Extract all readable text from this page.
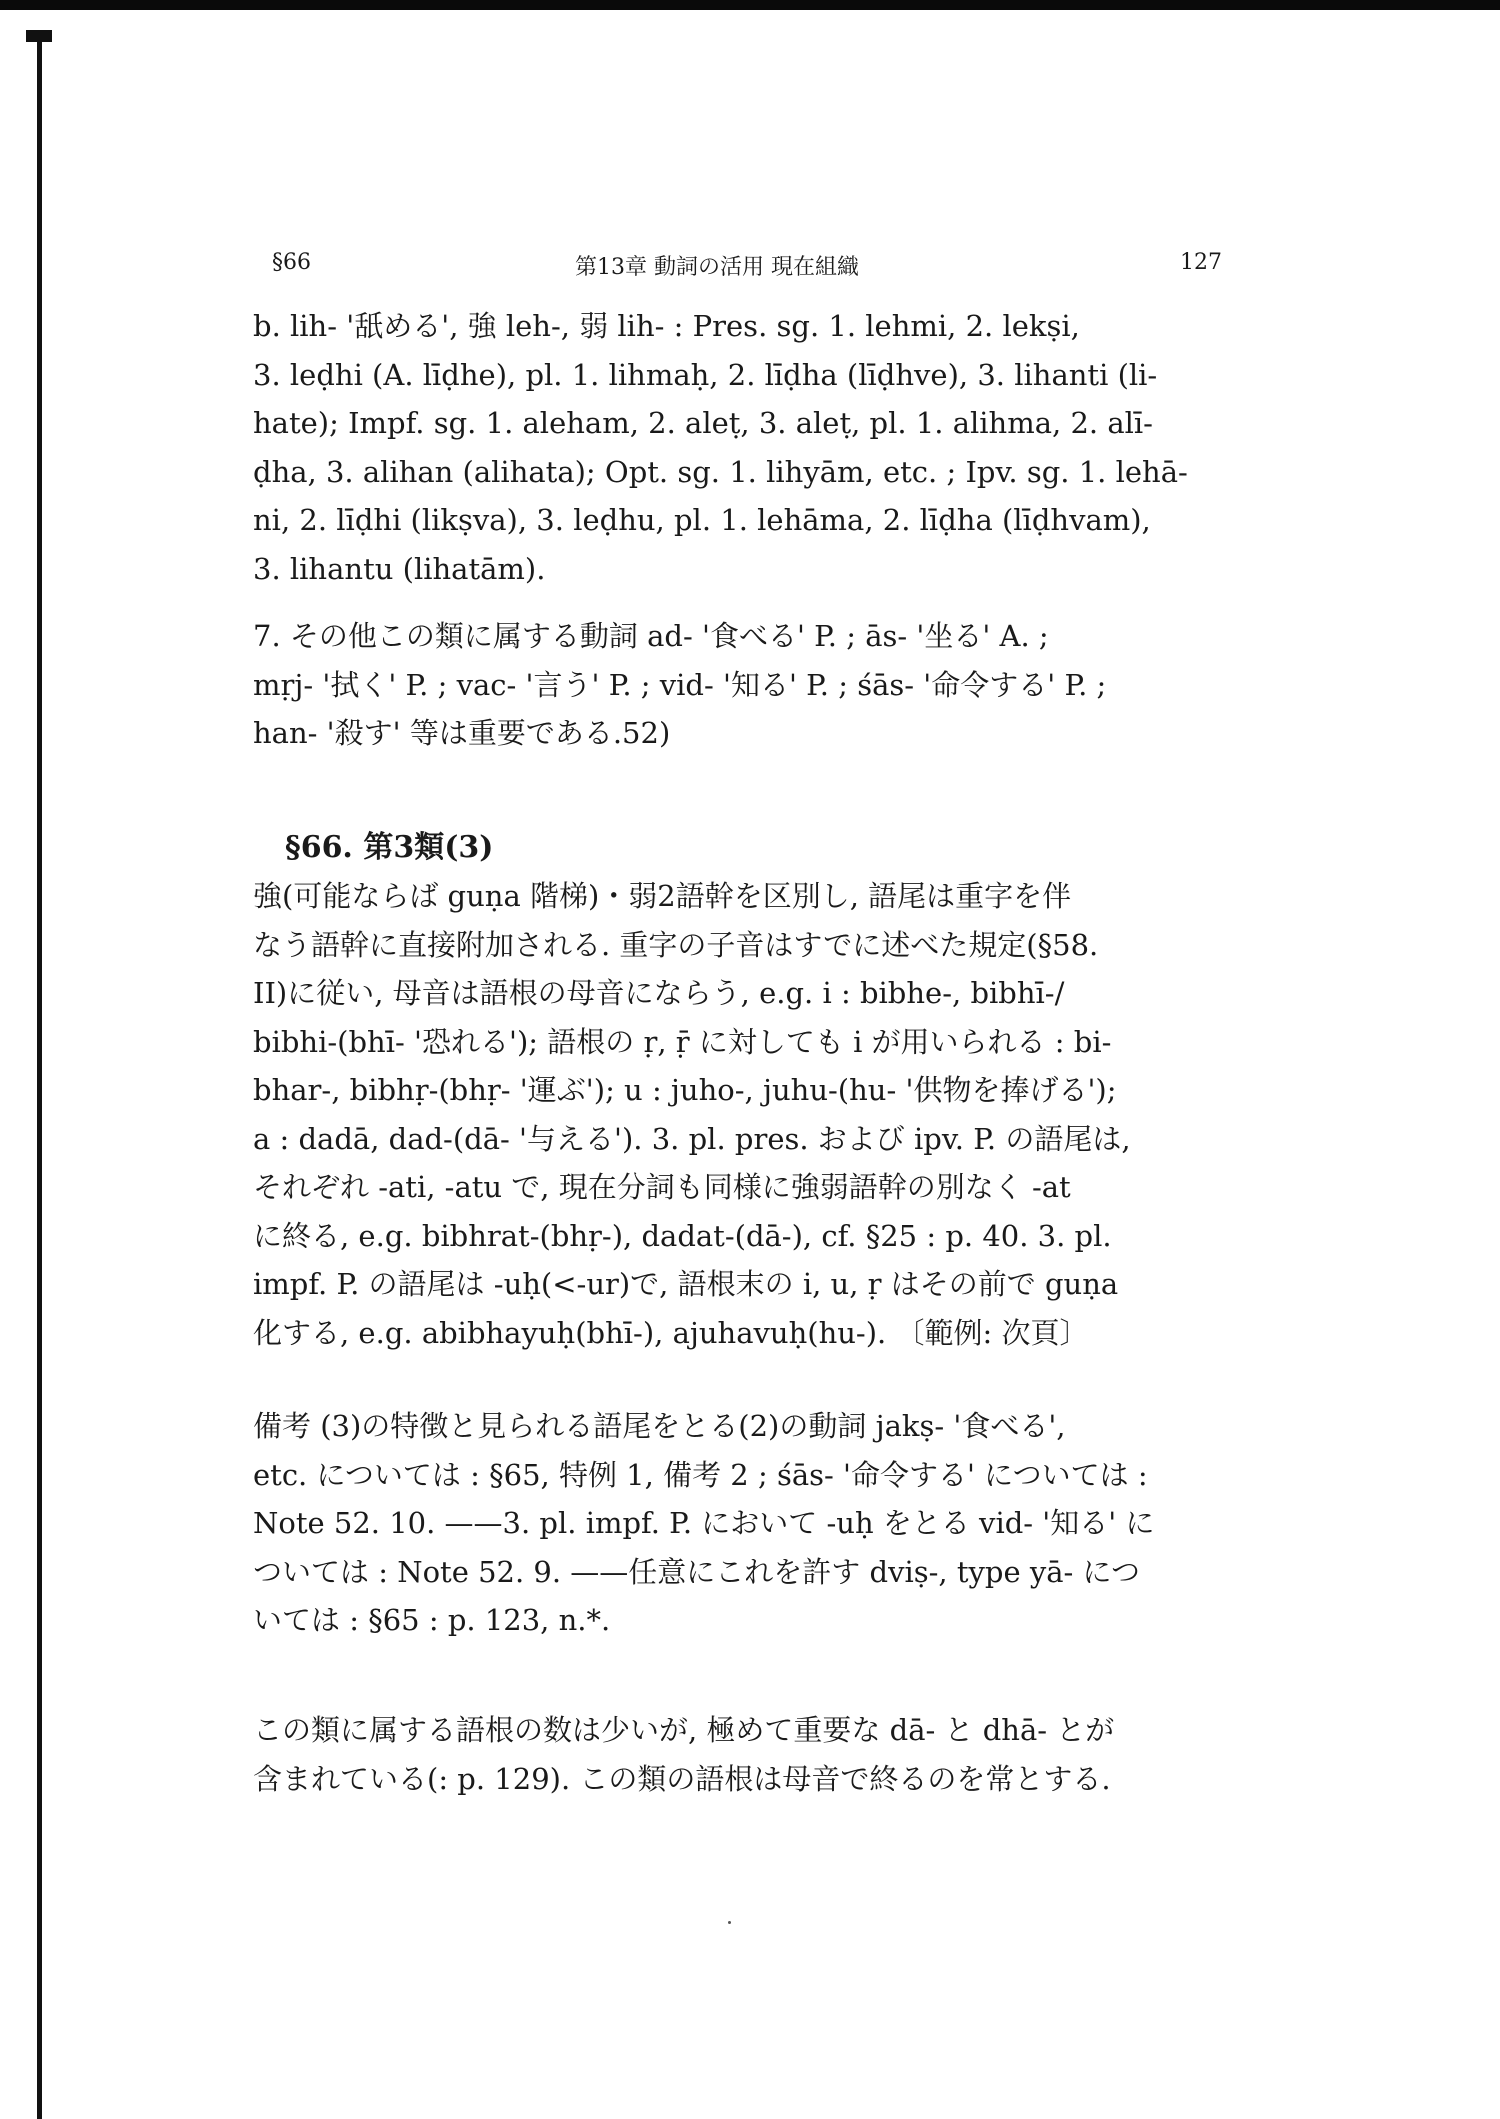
§66	第13章 動詞の活用 現在組織	127
b. lih- '舐める', 強 leh-, 弱 lih- : Pres. sg. 1. lehmi, 2. lekṣi,
3. leḍhi (A. līḍhe), pl. 1. lihmaḥ, 2. līḍha (līḍhve), 3. lihanti (li-
hate); Impf. sg. 1. aleham, 2. aleṭ, 3. aleṭ, pl. 1. alihma, 2. alī-
ḍha, 3. alihan (alihata); Opt. sg. 1. lihyām, etc. ; Ipv. sg. 1. lehā-
ni, 2. līḍhi (likṣva), 3. leḍhu, pl. 1. lehāma, 2. līḍha (līḍhvam),
3. lihantu (lihatām).
7. その他この類に属する動詞 ad- '食べる' P. ; ās- '坐る' A. ;
mṛj- '拭く' P. ; vac- '言う' P. ; vid- '知る' P. ; śās- '命令する' P. ;
han- '殺す' 等は重要である.52)
§66. 第3類(3)
強(可能ならば guṇa 階梯)・弱2語幹を区別し, 語尾は重字を伴
なう語幹に直接附加される. 重字の子音はすでに述べた規定(§58.
II)に従い, 母音は語根の母音にならう, e.g. i : bibhe-, bibhī-/
bibhi-(bhī- '恐れる'); 語根の ṛ, ṝ に対しても i が用いられる : bi-
bhar-, bibhṛ-(bhṛ- '運ぶ'); u : juho-, juhu-(hu- '供物を捧げる');
a : dadā, dad-(dā- '与える'). 3. pl. pres. および ipv. P. の語尾は,
それぞれ -ati, -atu で, 現在分詞も同様に強弱語幹の別なく -at
に終る, e.g. bibhrat-(bhṛ-), dadat-(dā-), cf. §25 : p. 40. 3. pl.
impf. P. の語尾は -uḥ(<-ur)で, 語根末の i, u, ṛ はその前で guṇa
化する, e.g. abibhayuḥ(bhī-), ajuhavuḥ(hu-). 〔範例: 次頁〕
備考 (3)の特徴と見られる語尾をとる(2)の動詞 jakṣ- '食べる',
etc. については : §65, 特例 1, 備考 2 ; śās- '命令する' については :
Note 52. 10. ——3. pl. impf. P. において -uḥ をとる vid- '知る' に
ついては : Note 52. 9. ——任意にこれを許す dviṣ-, type yā- につ
いては : §65 : p. 123, n.*.
この類に属する語根の数は少いが, 極めて重要な dā- と dhā- とが
含まれている(: p. 129). この類の語根は母音で終るのを常とする.
